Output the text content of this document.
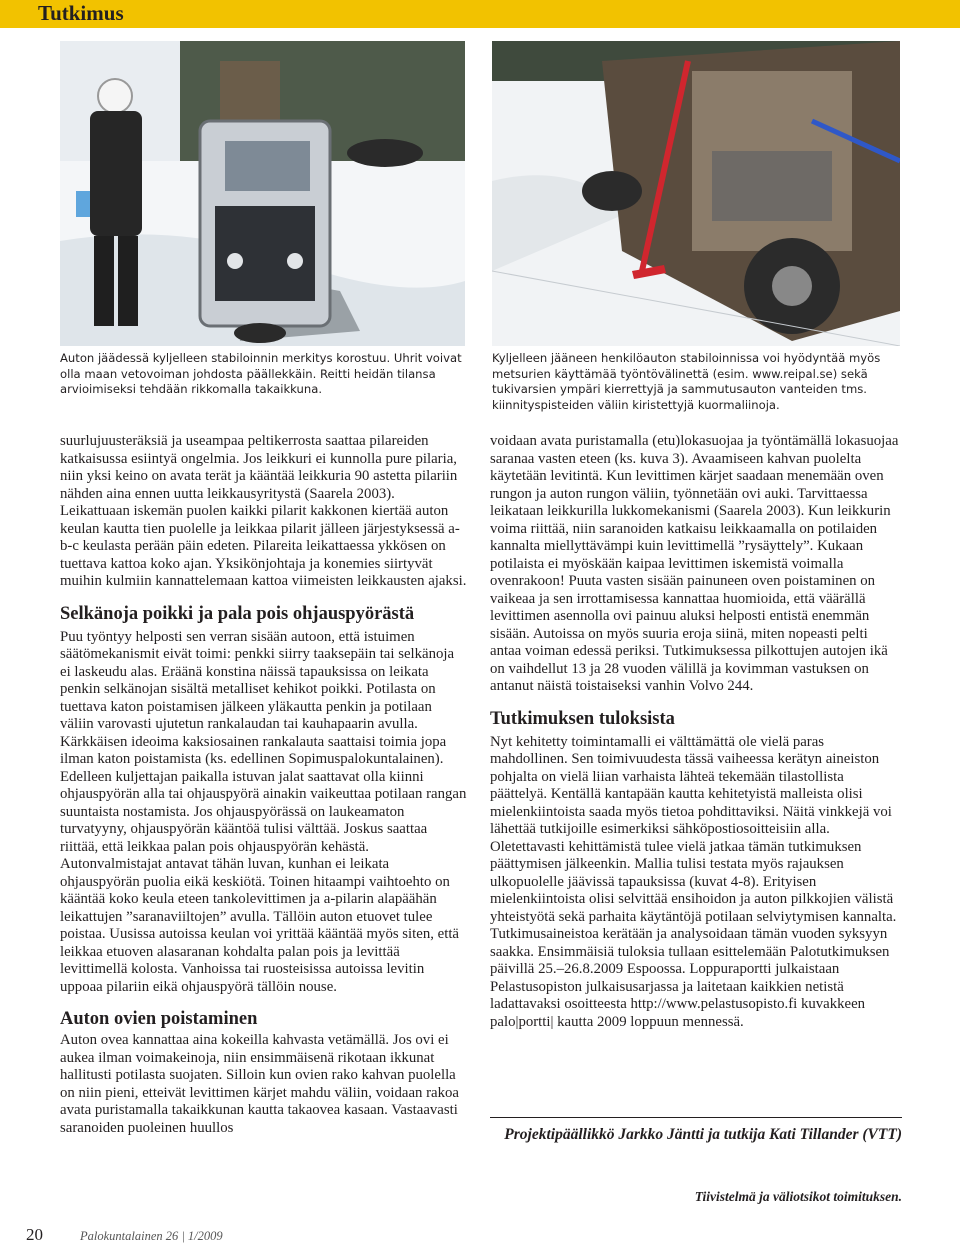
Tutkimus
Auton jäädessä kyljelleen stabiloinnin merkitys korostuu. Uhrit voivat olla maan vetovoiman johdosta päällekkäin. Reitti heidän tilansa arvioimiseksi tehdään rikkomalla takaikkuna.
Kyljelleen jääneen henkilöauton stabiloinnissa voi hyödyntää myös metsurien käyttämää työntövälinettä (esim. www.reipal.se) sekä tukivarsien ympäri kierrettyjä ja sammutusauton vanteiden tms. kiinnityspisteiden väliin kiristettyjä kuormaliinoja.

suurlujuusteräksiä ja useampaa peltikerrosta saattaa pilareiden katkaisussa esiintyä ongelmia. Jos leikkuri ei kunnolla pure pilaria, niin yksi keino on avata terät ja kääntää leikkuria 90 astetta pilariin nähden aina ennen uutta leikkausyritystä (Saarela 2003). Leikattuaan iskemän puolen kaikki pilarit kakkonen kiertää auton keulan kautta tien puolelle ja leikkaa pilarit jälleen järjestyksessä a-b-c keulasta perään päin edeten. Pilareita leikattaessa ykkösen on tuettava kattoa koko ajan. Yksikönjohtaja ja konemies siirtyvät muihin kulmiin kannattelemaan kattoa viimeisten leikkausten ajaksi.

Selkänoja poikki ja pala pois ohjauspyörästä

Puu työntyy helposti sen verran sisään autoon, että istuimen säätömekanismit eivät toimi: penkki siirry taaksepäin tai selkänoja ei laskeudu alas. Eräänä konstina näissä tapauksissa on leikata penkin selkänojan sisältä metalliset kehikot poikki. Potilasta on tuettava katon poistamisen jälkeen yläkautta penkin ja potilaan väliin varovasti ujutetun rankalaudan tai kauhapaarin avulla. Kärkkäisen ideoima kaksiosainen rankalauta saattaisi toimia jopa ilman katon poistamista (ks. edellinen Sopimuspalokuntalainen). Edelleen kuljettajan paikalla istuvan jalat saattavat olla kiinni ohjauspyörän alla tai ohjauspyörä ainakin vaikeuttaa potilaan rangan suuntaista nostamista. Jos ohjauspyörässä on laukeamaton turvatyyny, ohjauspyörän kääntöä tulisi välttää. Joskus saattaa riittää, että leikkaa palan pois ohjauspyörän kehästä. Autonvalmistajat antavat tähän luvan, kunhan ei leikata ohjauspyörän puolia eikä keskiötä. Toinen hitaampi vaihtoehto on kääntää koko keula eteen tankolevittimen ja a-pilarin alapäähän leikattujen ”saranaviiltojen” avulla. Tällöin auton etuovet tulee poistaa. Uusissa autoissa keulan voi yrittää kääntää myös siten, että leikkaa etuoven alasaranan kohdalta palan pois ja levittää levittimellä kolosta. Vanhoissa tai ruosteisissa autoissa levitin uppoaa pilariin eikä ohjauspyörä tällöin nouse.

Auton ovien poistaminen

Auton ovea kannattaa aina kokeilla kahvasta vetämällä. Jos ovi ei aukea ilman voimakeinoja, niin ensimmäisenä rikotaan ikkunat hallitusti potilasta suojaten. Silloin kun ovien rako kahvan puolella on niin pieni, etteivät levittimen kärjet mahdu väliin, voidaan rakoa avata puristamalla takaikkunan kautta takaovea kasaan. Vastaavasti saranoiden puoleinen huullos

voidaan avata puristamalla (etu)lokasuojaa ja työntämällä lokasuojaa saranaa vasten eteen (ks. kuva 3). Avaamiseen kahvan puolelta käytetään levitintä. Kun levittimen kärjet saadaan menemään oven rungon ja auton rungon väliin, työnnetään ovi auki. Tarvittaessa leikataan leikkurilla lukkomekanismi (Saarela 2003). Kun leikkurin voima riittää, niin saranoiden katkaisu leikkaamalla on potilaiden kannalta miellyttävämpi kuin levittimellä ”rysäyttely”. Kukaan potilaista ei myöskään kaipaa levittimen iskemistä voimalla ovenrakoon! Puuta vasten sisään painuneen oven poistaminen on vaikeaa ja sen irrottamisessa kannattaa huomioida, että väärällä levittimen asennolla ovi painuu aluksi helposti entistä enemmän sisään. Autoissa on myös suuria eroja siinä, miten nopeasti pelti antaa voiman edessä periksi. Tutkimuksessa pilkottujen autojen ikä on vaihdellut 13 ja 28 vuoden välillä ja kovimman vastuksen on antanut näistä toistaiseksi vanhin Volvo 244.

Tutkimuksen tuloksista

Nyt kehitetty toimintamalli ei välttämättä ole vielä paras mahdollinen. Sen toimivuudesta tässä vaiheessa kerätyn aineiston pohjalta on vielä liian varhaista lähteä tekemään tilastollista päättelyä. Kentällä kantapään kautta kehitetyistä malleista olisi mielenkiintoista saada myös tietoa pohdittaviksi. Näitä vinkkejä voi lähettää tutkijoille esimerkiksi sähköpostiosoitteisiin alla. Oletettavasti kehittämistä tulee vielä jatkaa tämän tutkimuksen päättymisen jälkeenkin. Mallia tulisi testata myös rajauksen ulkopuolelle jäävissä tapauksissa (kuvat 4-8). Erityisen mielenkiintoista olisi selvittää ensihoidon ja auton pilkkojien välistä yhteistyötä sekä parhaita käytäntöjä potilaan selviytymisen kannalta. Tutkimusaineistoa kerätään ja analysoidaan tämän vuoden syksyyn saakka. Ensimmäisiä tuloksia tullaan esittelemään Palotutkimuksen päivillä 25.–26.8.2009 Espoossa. Loppuraportti julkaistaan Pelastusopiston julkaisusarjassa ja laitetaan kaikkien netistä ladattavaksi osoitteesta http://www.pelastusopisto.fi kuvakkeen palo|portti| kautta 2009 loppuun mennessä.

Projektipäällikkö Jarkko Jäntti ja tutkija Kati Tillander (VTT)
Tiivistelmä ja väliotsikot toimituksen.
20	Palokuntalainen 26 | 1/2009
